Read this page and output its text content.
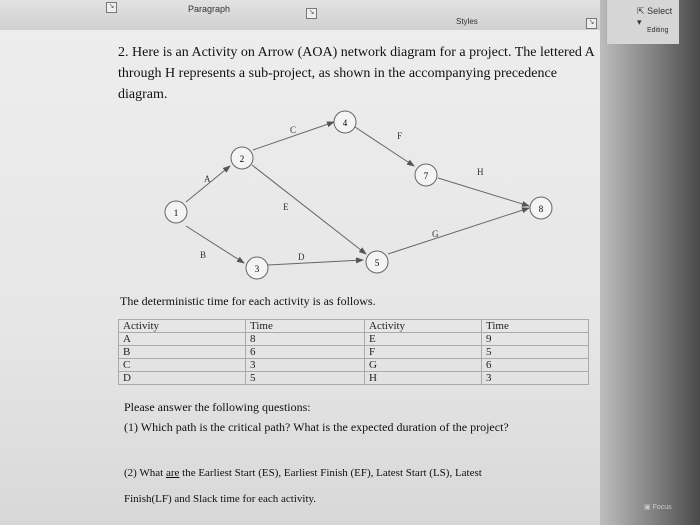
↘	Paragraph	↘
Styles	↘
⇱ Select ▾
Editing
▣ Focus
2. Here is an Activity on Arrow (AOA) network diagram for a project. The lettered A
through H represents a sub-project, as shown in the accompanying precedence
diagram.
1
2
3
4
5
7
8
A
B
C
D
E
F
G
H
The deterministic time for each activity is as follows.
Activity	Time	Activity	Time
A	8	E	9
B	6	F	5
C	3	G	6
D	5	H	3
Please answer the following questions:
(1) Which path is the critical path? What is the expected duration of the project?
(2) What are the Earliest Start (ES), Earliest Finish (EF), Latest Start (LS), Latest
Finish(LF) and Slack time for each activity.
